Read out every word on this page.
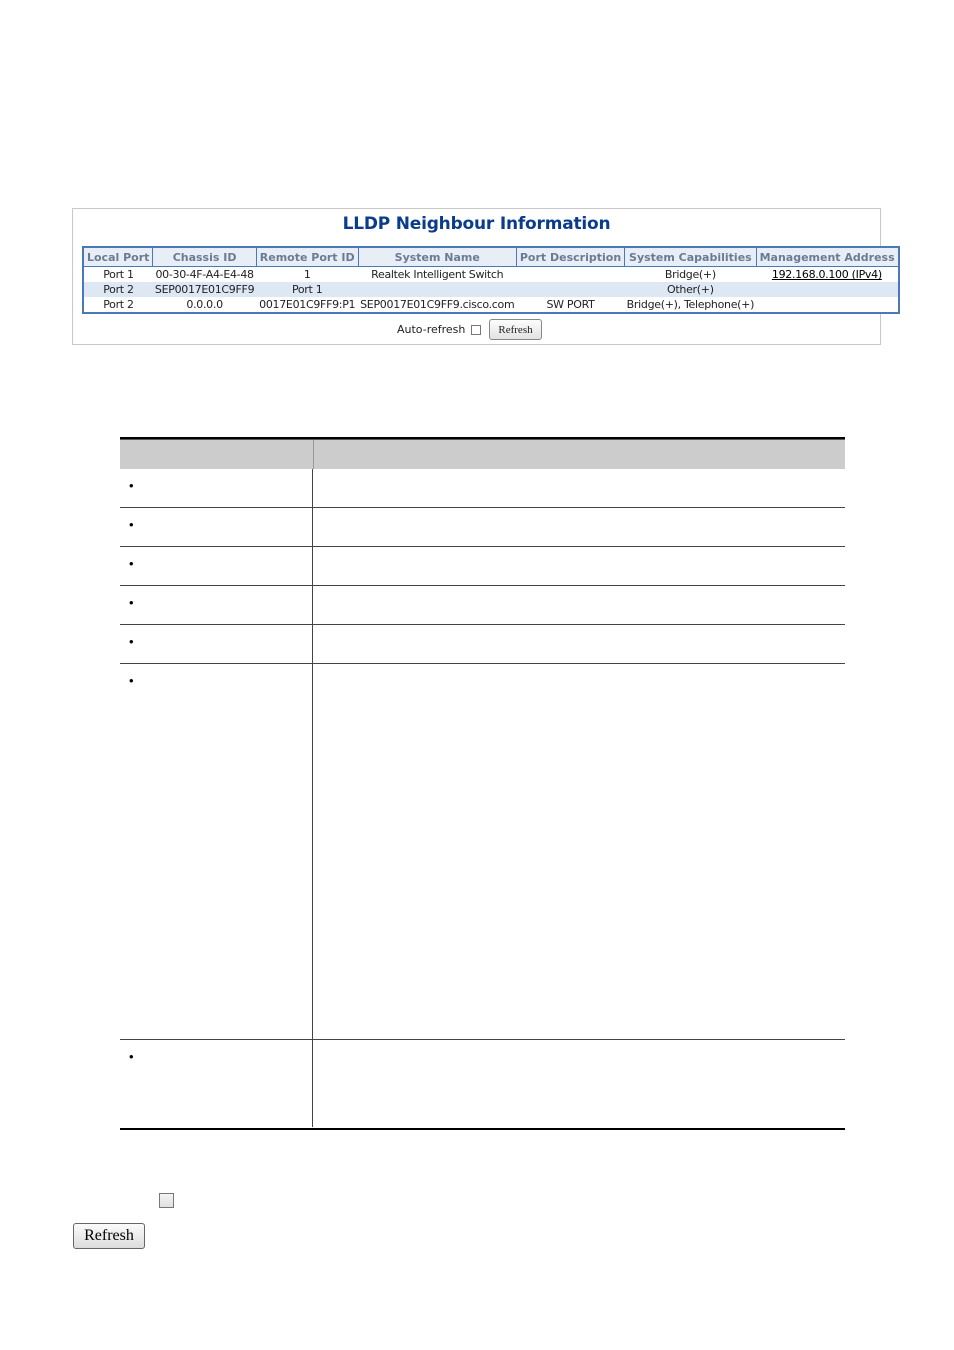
LLDP Neighbour Information
Local Port	Chassis ID	Remote Port ID	System Name	Port Description	System Capabilities	Management Address
Port 1	00-30-4F-A4-E4-48	1	Realtek Intelligent Switch		Bridge(+)	192.168.0.100 (IPv4)
Port 2	SEP0017E01C9FF9	Port 1			Other(+)	
Port 2	0.0.0.0	0017E01C9FF9:P1	SEP0017E01C9FF9.cisco.com	SW PORT	Bridge(+), Telephone(+)	
Auto-refresh	Refresh
•
•
•
•
•
•
•
Refresh
